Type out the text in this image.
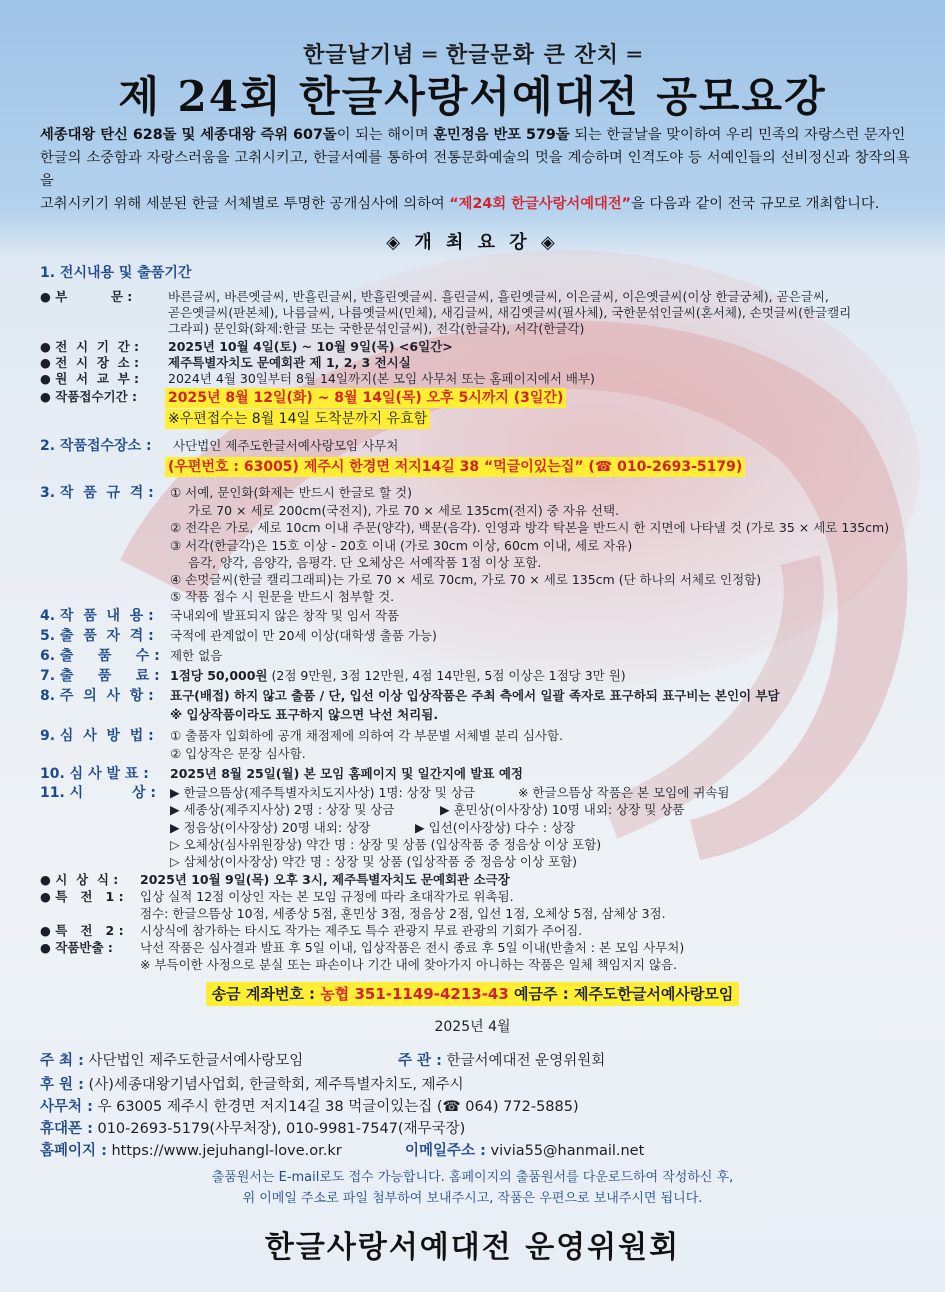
한글날기념 ═ 한글문화 큰 잔치 ═
제 24회 한글사랑서예대전 공모요강
세종대왕 탄신 628돌 및 세종대왕 즉위 607돌이 되는 해이며 훈민정음 반포 579돌 되는 한글날을 맞이하여 우리 민족의 자랑스런 문자인
한글의 소중함과 자랑스러움을 고취시키고, 한글서예를 통하여 전통문화예술의 멋을 계승하며 인격도야 등 서예인들의 선비정신과 창작의욕을
고취시키기 위해 세분된 한글 서체별로 투명한 공개심사에 의하여 “제24회 한글사랑서예대전”을 다음과 같이 전국 규모로 개최합니다.
◈ 개 최 요 강 ◈
1. 전시내용 및 출품기간
● 부          문 :	바른글씨, 바른옛글씨, 반흘린글씨, 반흘린옛글씨. 흘린글씨, 흘린옛글씨, 이은글씨, 이은옛글씨(이상 한글궁체), 곧은글씨,
곧은옛글씨(판본체), 나름글씨, 나름옛글씨(민체), 새김글씨, 새김옛글씨(필사체), 국한문섞인글씨(혼서체), 손멋글씨(한글캘리
그라피) 문인화(화제:한글 또는 국한문섞인글씨), 전각(한글각), 서각(한글각)
● 전  시  기  간 : 2025년 10월 4일(토) ~ 10월 9일(목) <6일간>
● 전  시  장  소 : 제주특별자치도 문예회관 제 1, 2, 3 전시실
● 원  서  교  부 : 2024년 4월 30일부터 8월 14일까지(본 모임 사무처 또는 홈페이지에서 배부)
● 작품접수기간 : 2025년 8월 12일(화) ~ 8월 14일(목) 오후 5시까지 (3일간)
※우편접수는 8월 14일 도착분까지 유효함
2. 작품접수장소 : 사단법인 제주도한글서예사랑모임 사무처
(우편번호 : 63005) 제주시 한경면 저지14길 38 “먹글이있는집” (☎ 010-2693-5179)
3. 작  품  규  격 : ① 서예, 문인화(화제는 반드시 한글로 할 것)
가로 70 × 세로 200cm(국전지), 가로 70 × 세로 135cm(전지) 중 자유 선택.
② 전각은 가로, 세로 10cm 이내 주문(양각), 백문(음각). 인영과 방각 탁본을 반드시 한 지면에 나타낼 것 (가로 35 × 세로 135cm)
③ 서각(한글각)은 15호 이상 - 20호 이내 (가로 30cm 이상, 60cm 이내, 세로 자유)
음각, 양각, 음양각, 음평각. 단 오체상은 서예작품 1점 이상 포함.
④ 손멋글씨(한글 캘리그래피)는 가로 70 × 세로 70cm, 가로 70 × 세로 135cm (단 하나의 서체로 인정함)
⑤ 작품 접수 시 원문을 반드시 첨부할 것.
4. 작  품  내  용 : 국내외에 발표되지 않은 창작 및 임서 작품
5. 출  품  자  격 : 국적에 관계없이 만 20세 이상(대학생 출품 가능)
6. 출     품     수 : 제한 없음
7. 출     품     료 : 1점당 50,000원 (2점 9만원, 3점 12만원, 4점 14만원, 5점 이상은 1점당 3만 원)
8. 주  의  사  항 : 표구(배접) 하지 않고 출품 / 단, 입선 이상 입상작품은 주최 측에서 일괄 족자로 표구하되 표구비는 본인이 부담
※ 입상작품이라도 표구하지 않으면 낙선 처리됨.
9. 심  사  방  법 : ① 출품자 입회하에 공개 채점제에 의하여 각 부문별 서체별 분리 심사함.
② 입상작은 문장 심사함.
10. 심 사 발 표 : 2025년 8월 25일(월) 본 모임 홈페이지 및 일간지에 발표 예정
11. 시          상 : ▶ 한글으뜸상(제주특별자치도지사상) 1명: 상장 및 상금	※ 한글으뜸상 작품은 본 모임에 귀속됨
▶ 세종상(제주지사상) 2명 : 상장 및 상금	▶ 훈민상(이사장상) 10명 내외: 상장 및 상품
▶ 정음상(이사장상) 20명 내외: 상장	▶ 입선(이사장상) 다수 : 상장
▷ 오체상(심사위원장상) 약간 명 : 상장 및 상품 (입상작품 중 정음상 이상 포함)
▷ 삼체상(이사장상) 약간 명 : 상장 및 상품 (입상작품 중 정음상 이상 포함)
● 시  상  식 : 2025년 10월 9일(목) 오후 3시, 제주특별자치도 문예회관 소극장
● 특   전   1 : 입상 실적 12점 이상인 자는 본 모임 규정에 따라 초대작가로 위촉됨.
점수: 한글으뜸상 10점, 세종상 5점, 훈민상 3점, 정음상 2점, 입선 1점, 오체상 5점, 삼체상 3점.
● 특   전   2 : 시상식에 참가하는 타시도 작가는 제주도 특수 관광지 무료 관광의 기회가 주어짐.
● 작품반출 : 낙선 작품은 심사결과 발표 후 5일 이내, 입상작품은 전시 종료 후 5일 이내(반출처 : 본 모임 사무처)
※ 부득이한 사정으로 분실 또는 파손이나 기간 내에 찾아가지 아니하는 작품은 일체 책임지지 않음.
송금 계좌번호 : 농협 351-1149-4213-43 예금주 : 제주도한글서예사랑모임
2025년 4월
주 최 : 사단법인 제주도한글서예사랑모임	주 관 : 한글서예대전 운영위원회
후 원 : (사)세종대왕기념사업회, 한글학회, 제주특별자치도, 제주시
사무처 : 우 63005 제주시 한경면 저지14길 38 먹글이있는집 (☎ 064) 772-5885)
휴대폰 : 010-2693-5179(사무처장), 010-9981-7547(재무국장)
홈페이지 : https://www.jejuhangl-love.or.kr	이메일주소 : vivia55@hanmail.net
출품원서는 E-mail로도 접수 가능합니다. 홈페이지의 출품원서를 다운로드하여 작성하신 후,
위 이메일 주소로 파일 첨부하여 보내주시고, 작품은 우편으로 보내주시면 됩니다.
한글사랑서예대전 운영위원회
